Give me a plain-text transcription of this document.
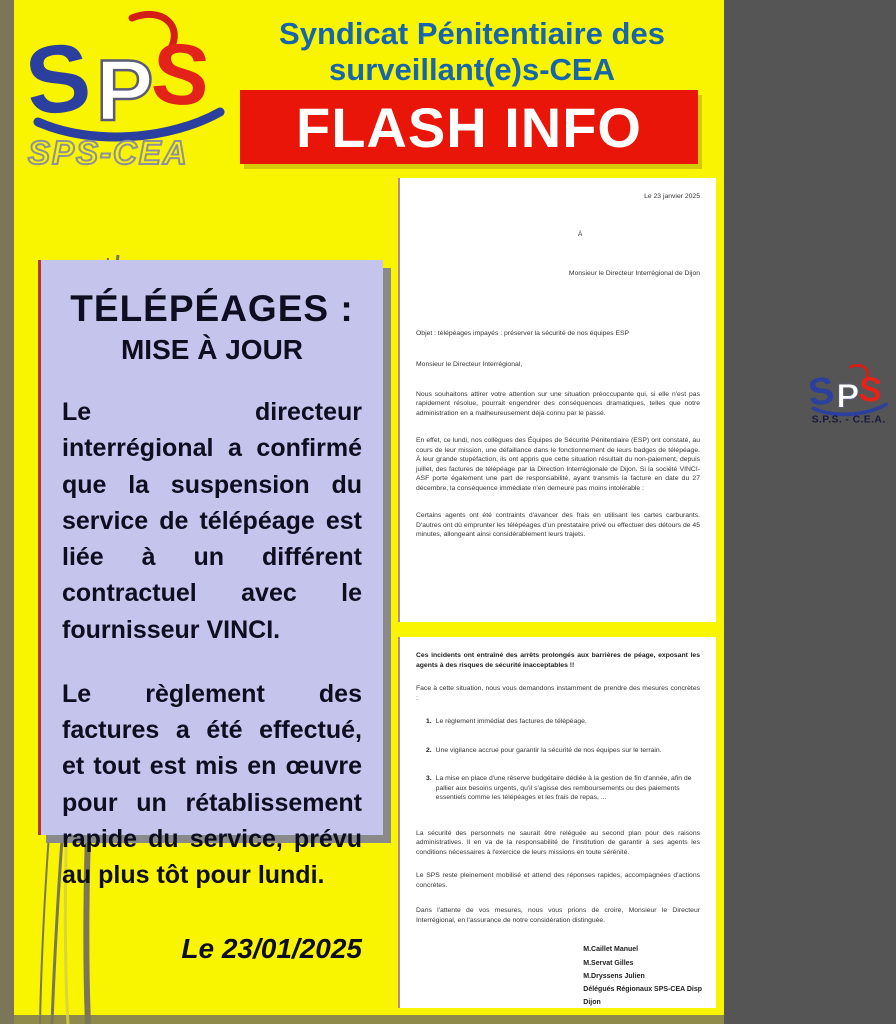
S P
S
SPS-CEA
Syndicat Pénitentiaire des
surveillant(e)s-CEA
FLASH INFO
TÉLÉPÉAGES :
MISE À JOUR

Le directeur interrégional a confirmé que la suspension du service de télépéage est liée à un différent contractuel avec le fournisseur VINCI.

Le règlement des factures a été effectué, et tout est mis en œuvre pour un rétablissement rapide du service, prévu au plus tôt pour lundi.

Le 23/01/2025
S P
S
S.P.S. - C.E.A.
Le 23 janvier 2025
À
Monsieur le Directeur Interrégional de Dijon
Objet : télépéages impayés : préserver la sécurité de nos équipes ESP
Monsieur le Directeur Interrégional,

Nous souhaitons attirer votre attention sur une situation préoccupante qui, si elle n'est pas rapidement résolue, pourrait engendrer des conséquences dramatiques, telles que notre administration en a malheureusement déjà connu par le passé.

En effet, ce lundi, nos collègues des Équipes de Sécurité Pénitentiaire (ESP) ont constaté, au cours de leur mission, une défaillance dans le fonctionnement de leurs badges de télépéage. À leur grande stupéfaction, ils ont appris que cette situation résultait du non-paiement, depuis juillet, des factures de télépéage par la Direction Interrégionale de Dijon. Si la société VINCI-ASF porte également une part de responsabilité, ayant transmis la facture en date du 27 décembre, la conséquence immédiate n'en demeure pas moins intolérable :

Certains agents ont été contraints d'avancer des frais en utilisant les cartes carburants. D'autres ont dû emprunter les télépéages d'un prestataire privé ou effectuer des détours de 45 minutes, allongeant ainsi considérablement leurs trajets.

Ces incidents ont entraîné des arrêts prolongés aux barrières de péage, exposant les agents à des risques de sécurité inacceptables !!

Face à cette situation, nous vous demandons instamment de prendre des mesures concrètes :

1. Le règlement immédiat des factures de télépéage.
2. Une vigilance accrue pour garantir la sécurité de nos équipes sur le terrain.
3. La mise en place d'une réserve budgétaire dédiée à la gestion de fin d'année, afin de pallier aux besoins urgents, qu'il s'agisse des remboursements ou des paiements essentiels comme les télépéages et les frais de repas, ...

La sécurité des personnels ne saurait être reléguée au second plan pour des raisons administratives. Il en va de la responsabilité de l'institution de garantir à ses agents les conditions nécessaires à l'exercice de leurs missions en toute sérénité.

Le SPS reste pleinement mobilisé et attend des réponses rapides, accompagnées d'actions concrètes.

Dans l'attente de vos mesures, nous vous prions de croire, Monsieur le Directeur Interrégional, en l'assurance de notre considération distinguée.

M.Caillet Manuel
M.Servat Gilles
M.Dryssens Julien
Délégués Régionaux SPS-CEA Disp Dijon
